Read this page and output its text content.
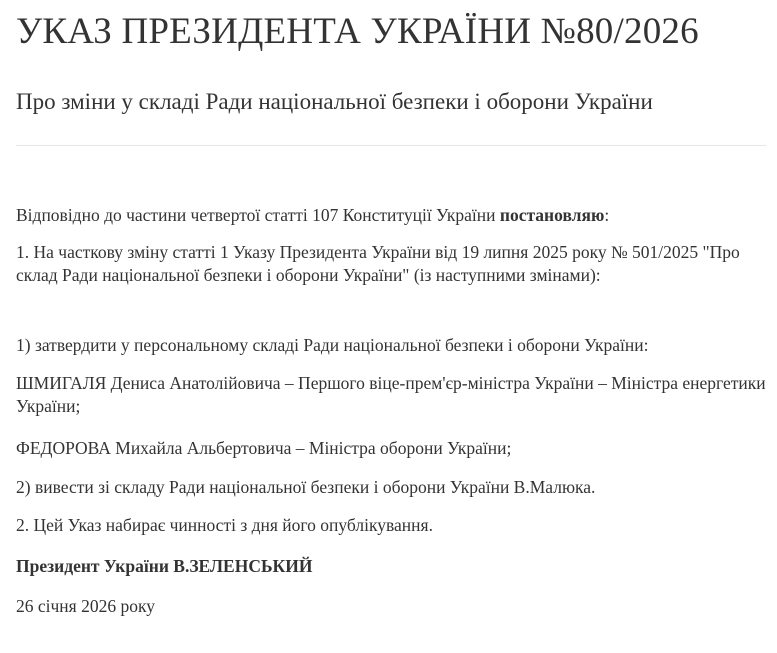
УКАЗ ПРЕЗИДЕНТА УКРАЇНИ №80/2026
Про зміни у складі Ради національної безпеки і оборони України

Відповідно до частини четвертої статті 107 Конституції України постановляю:

1. На часткову зміну статті 1 Указу Президента України від 19 липня 2025 року № 501/2025 "Про склад Ради національної безпеки і оборони України" (із наступними змінами):

1) затвердити у персональному складі Ради національної безпеки і оборони України:

ШМИГАЛЯ Дениса Анатолійовича – Першого віце-прем'єр-міністра України – Міністра енергетики України;

ФЕДОРОВА Михайла Альбертовича – Міністра оборони України;

2) вивести зі складу Ради національної безпеки і оборони України В.Малюка.

2. Цей Указ набирає чинності з дня його опублікування.

Президент України В.ЗЕЛЕНСЬКИЙ

26 січня 2026 року
